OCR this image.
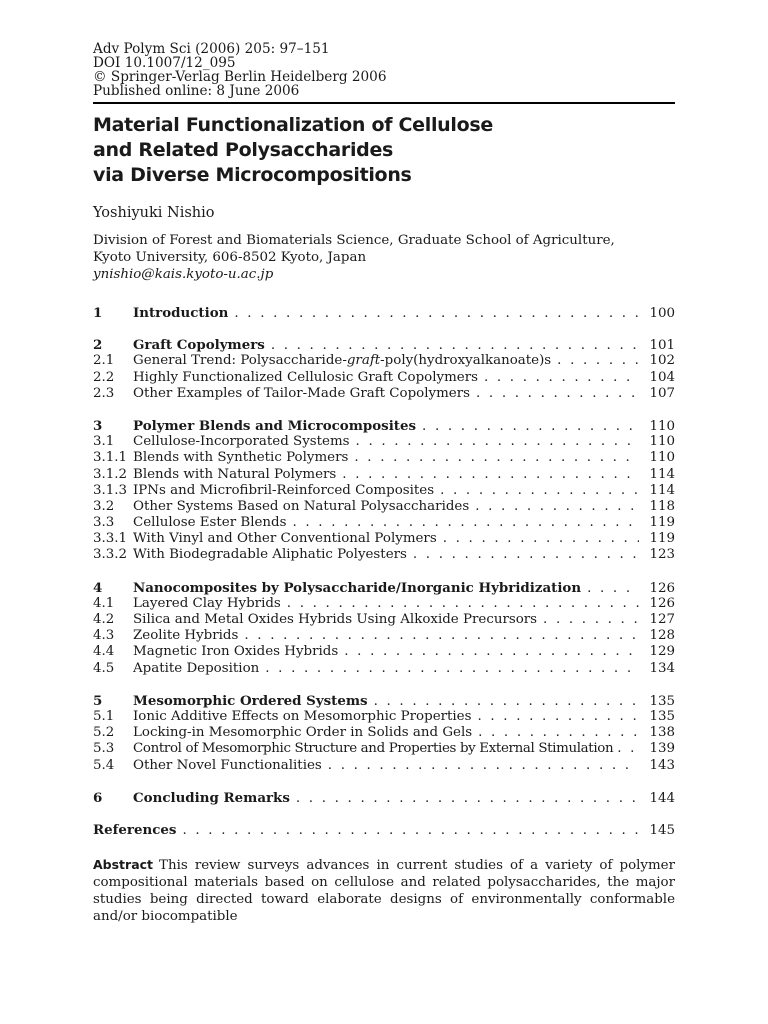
Adv Polym Sci (2006) 205: 97–151
DOI 10.1007/12_095
© Springer-Verlag Berlin Heidelberg 2006
Published online: 8 June 2006
Material Functionalization of Cellulose
and Related Polysaccharides
via Diverse Microcompositions
Yoshiyuki Nishio
Division of Forest and Biomaterials Science, Graduate School of Agriculture,
Kyoto University, 606-8502 Kyoto, Japan
ynishio@kais.kyoto-u.ac.jp
1	Introduction . . .	100
2	Graft Copolymers . . .	101
2.1	General Trend: Polysaccharide-graft-poly(hydroxyalkanoate)s . . .	102
2.2	Highly Functionalized Cellulosic Graft Copolymers . . .	104
2.3	Other Examples of Tailor-Made Graft Copolymers . . .	107
3	Polymer Blends and Microcomposites . . .	110
3.1	Cellulose-Incorporated Systems . . .	110
3.1.1 Blends with Synthetic Polymers . . .	110
3.1.2 Blends with Natural Polymers . . .	114
3.1.3 IPNs and Microfibril-Reinforced Composites . . .	114
3.2	Other Systems Based on Natural Polysaccharides . . .	118
3.3	Cellulose Ester Blends . . .	119
3.3.1 With Vinyl and Other Conventional Polymers . . .	119
3.3.2 With Biodegradable Aliphatic Polyesters . . .	123
4	Nanocomposites by Polysaccharide/Inorganic Hybridization . . .	126
4.1	Layered Clay Hybrids . . .	126
4.2	Silica and Metal Oxides Hybrids Using Alkoxide Precursors . . .	127
4.3	Zeolite Hybrids . . .	128
4.4	Magnetic Iron Oxides Hybrids . . .	129
4.5	Apatite Deposition . . .	134
5	Mesomorphic Ordered Systems . . .	135
5.1	Ionic Additive Effects on Mesomorphic Properties . . .	135
5.2	Locking-in Mesomorphic Order in Solids and Gels . . .	138
5.3	Control of Mesomorphic Structure and Properties by External Stimulation . . .	139
5.4	Other Novel Functionalities . . .	143
6	Concluding Remarks . . .	144
References . . .	145
Abstract This review surveys advances in current studies of a variety of polymer compositional materials based on cellulose and related polysaccharides, the major studies being directed toward elaborate designs of environmentally conformable and/or biocompatible
